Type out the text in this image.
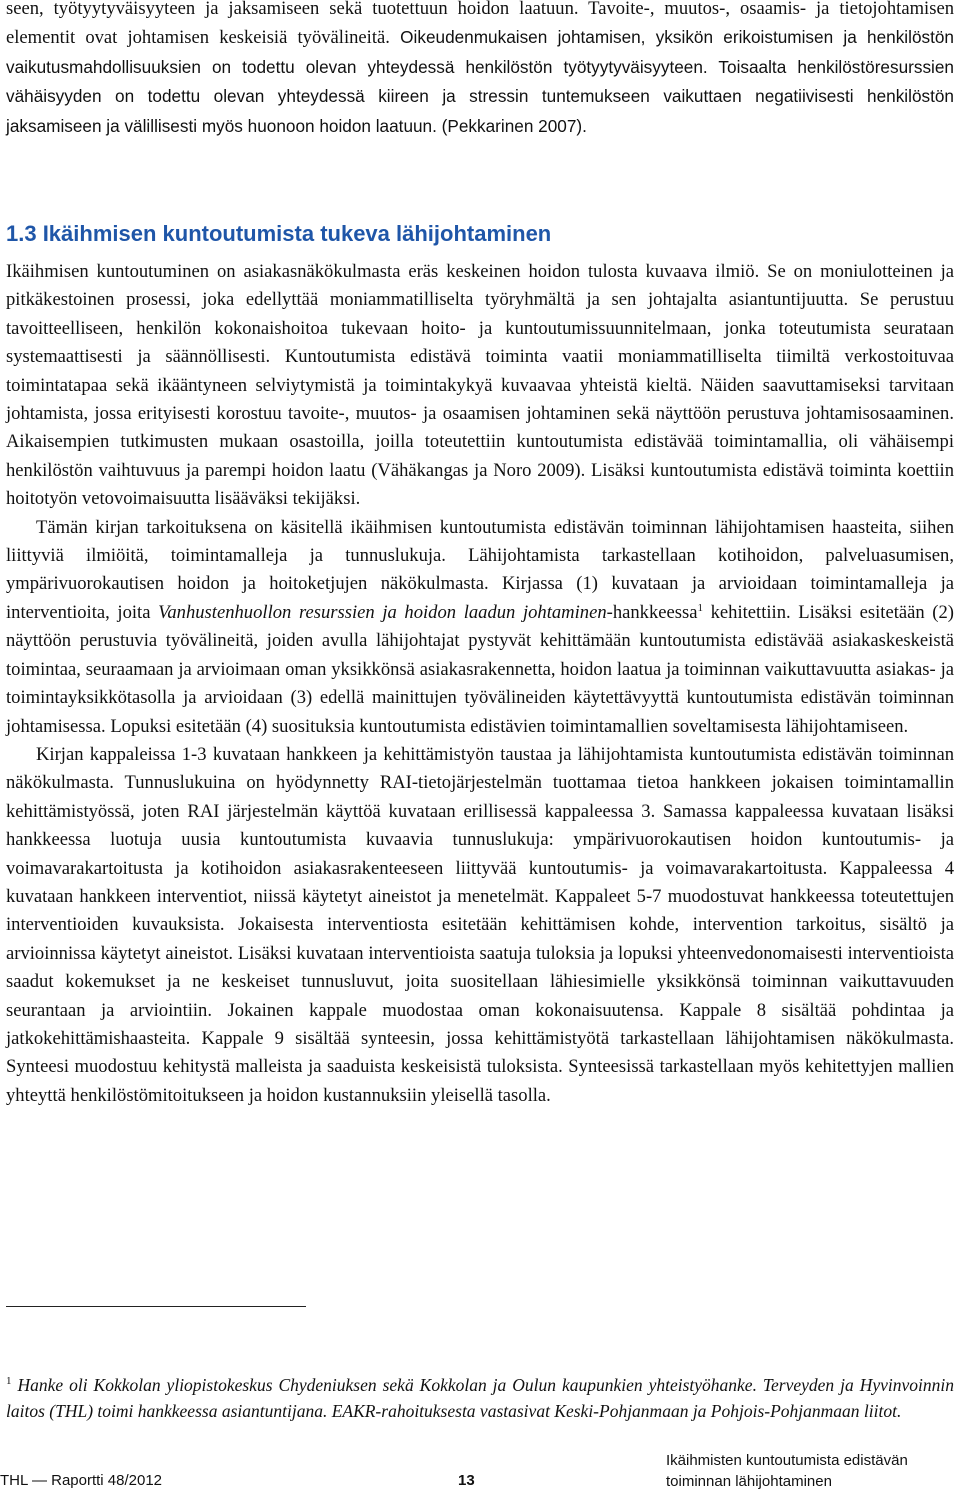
seen, työtyytyväisyyteen ja jaksamiseen sekä tuotettuun hoidon laatuun. Tavoite-, muutos-, osaamis- ja tietojohtamisen elementit ovat johtamisen keskeisiä työvälineitä. Oikeudenmukaisen johtamisen, yksikön erikoistumisen ja henkilöstön vaikutusmahdollisuuksien on todettu olevan yhteydessä henkilöstön työtyytyväisyyteen. Toisaalta henkilöstöresurssien vähäisyyden on todettu olevan yhteydessä kiireen ja stressin tuntemukseen vaikuttaen negatiivisesti henkilöstön jaksamiseen ja välillisesti myös huonoon hoidon laatuun. (Pekkarinen 2007).

1.3 Ikäihmisen kuntoutumista tukeva lähijohtaminen

Ikäihmisen kuntoutuminen on asiakasnäkökulmasta eräs keskeinen hoidon tulosta kuvaava ilmiö. Se on moniulotteinen ja pitkäkestoinen prosessi, joka edellyttää moniammatilliselta työryhmältä ja sen johtajalta asiantuntijuutta. Se perustuu tavoitteelliseen, henkilön kokonaishoitoa tukevaan hoito- ja kuntoutumissuunnitelmaan, jonka toteutumista seurataan systemaattisesti ja säännöllisesti. Kuntoutumista edistävä toiminta vaatii moniammatilliselta tiimiltä verkostoituvaa toimintatapaa sekä ikääntyneen selviytymistä ja toimintakykyä kuvaavaa yhteistä kieltä. Näiden saavuttamiseksi tarvitaan johtamista, jossa erityisesti korostuu tavoite-, muutos- ja osaamisen johtaminen sekä näyttöön perustuva johtamisosaaminen. Aikaisempien tutkimusten mukaan osastoilla, joilla toteutettiin kuntoutumista edistävää toimintamallia, oli vähäisempi henkilöstön vaihtuvuus ja parempi hoidon laatu (Vähäkangas ja Noro 2009). Lisäksi kuntoutumista edistävä toiminta koettiin hoitotyön vetovoimaisuutta lisääväksi tekijäksi.

Tämän kirjan tarkoituksena on käsitellä ikäihmisen kuntoutumista edistävän toiminnan lähijohtamisen haasteita, siihen liittyviä ilmiöitä, toimintamalleja ja tunnuslukuja. Lähijohtamista tarkastellaan kotihoidon, palveluasumisen, ympärivuorokautisen hoidon ja hoitoketjujen näkökulmasta. Kirjassa (1) kuvataan ja arvioidaan toimintamalleja ja interventioita, joita Vanhustenhuollon resurssien ja hoidon laadun johtaminen-hankkeessa$^1$ kehitettiin. Lisäksi esitetään (2) näyttöön perustuvia työvälineitä, joiden avulla lähijohtajat pystyvät kehittämään kuntoutumista edistävää asiakaskeskeistä toimintaa, seuraamaan ja arvioimaan oman yksikkönsä asiakasrakennetta, hoidon laatua ja toiminnan vaikuttavuutta asiakas- ja toimintayksikkötasolla ja arvioidaan (3) edellä mainittujen työvälineiden käytettävyyttä kuntoutumista edistävän toiminnan johtamisessa. Lopuksi esitetään (4) suosituksia kuntoutumista edistävien toimintamallien soveltamisesta lähijohtamiseen.

Kirjan kappaleissa 1-3 kuvataan hankkeen ja kehittämistyön taustaa ja lähijohtamista kuntoutumista edistävän toiminnan näkökulmasta. Tunnuslukuina on hyödynnetty RAI-tietojärjestelmän tuottamaa tietoa hankkeen jokaisen toimintamallin kehittämistyössä, joten RAI järjestelmän käyttöä kuvataan erillisessä kappaleessa 3. Samassa kappaleessa kuvataan lisäksi hankkeessa luotuja uusia kuntoutumista kuvaavia tunnuslukuja: ympärivuorokautisen hoidon kuntoutumis- ja voimavarakartoitusta ja kotihoidon asiakasrakenteeseen liittyvää kuntoutumis- ja voimavarakartoitusta. Kappaleessa 4 kuvataan hankkeen interventiot, niissä käytetyt aineistot ja menetelmät. Kappaleet 5-7 muodostuvat hankkeessa toteutettujen interventioiden kuvauksista. Jokaisesta interventiosta esitetään kehittämisen kohde, intervention tarkoitus, sisältö ja arvioinnissa käytetyt aineistot. Lisäksi kuvataan interventioista saatuja tuloksia ja lopuksi yhteenvedonomaisesti interventioista saadut kokemukset ja ne keskeiset tunnusluvut, joita suositellaan lähiesimielle yksikkönsä toiminnan vaikuttavuuden seurantaan ja arviointiin. Jokainen kappale muodostaa oman kokonaisuutensa. Kappale 8 sisältää pohdintaa ja jatkokehittämishaasteita. Kappale 9 sisältää synteesin, jossa kehittämistyötä tarkastellaan lähijohtamisen näkökulmasta. Synteesi muodostuu kehitystä malleista ja saaduista keskeisistä tuloksista. Synteesissä tarkastellaan myös kehitettyjen mallien yhteyttä henkilöstömitoitukseen ja hoidon kustannuksiin yleisellä tasolla.

$^1$ Hanke oli Kokkolan yliopistokeskus Chydeniuksen sekä Kokkolan ja Oulun kaupunkien yhteistyöhanke. Terveyden ja Hyvinvoinnin laitos (THL) toimi hankkeessa asiantuntijana. EAKR-rahoituksesta vastasivat Keski-Pohjanmaan ja Pohjois-Pohjanmaan liitot.

THL — Raportti 48/2012	13
Ikäihmisten kuntoutumista edistävän
toiminnan lähijohtaminen
